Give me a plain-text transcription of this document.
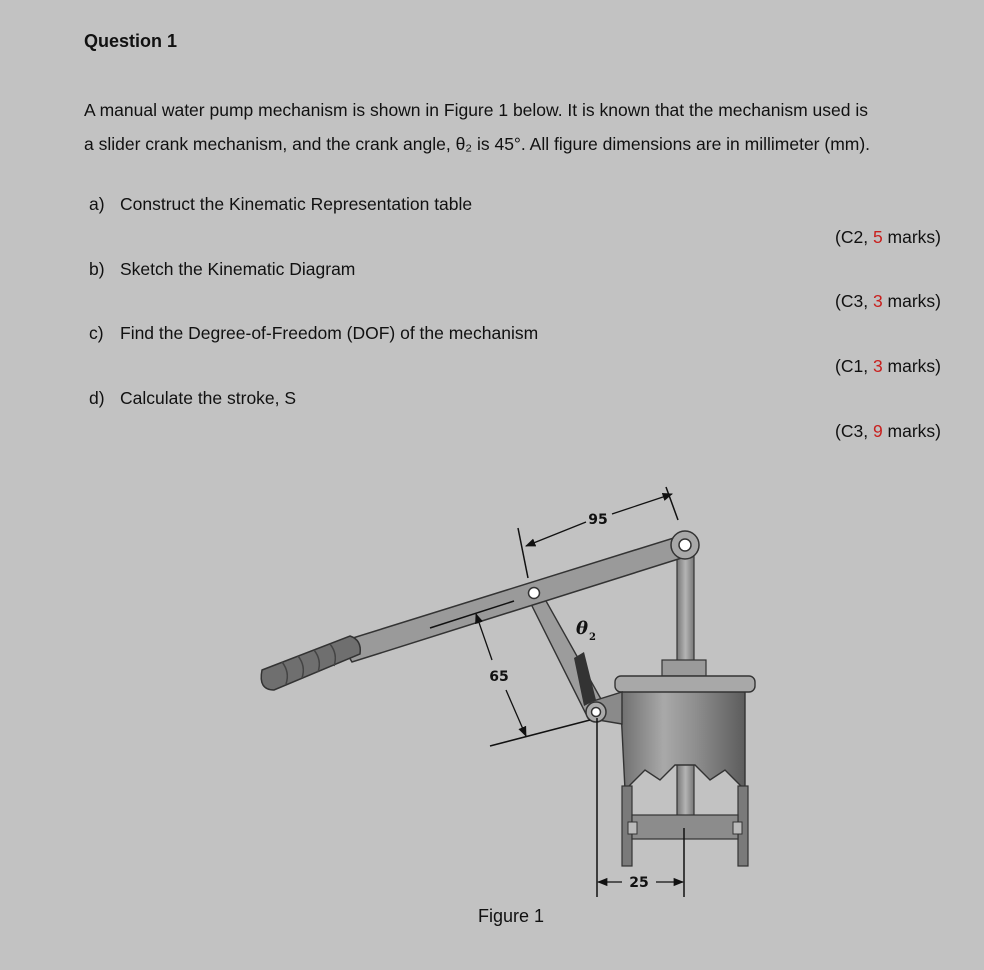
Question 1

A manual water pump mechanism is shown in Figure 1 below. It is known that the mechanism used is
a slider crank mechanism, and the crank angle, θ₂ is 45°. All figure dimensions are in millimeter (mm).

a) Construct the Kinematic Representation table
(C2, 5 marks)
b) Sketch the Kinematic Diagram
(C3, 3 marks)
c) Find the Degree-of-Freedom (DOF) of the mechanism
(C1, 3 marks)
d) Calculate the stroke, S
(C3, 9 marks)
95
65
θ 2
25
Figure 1
